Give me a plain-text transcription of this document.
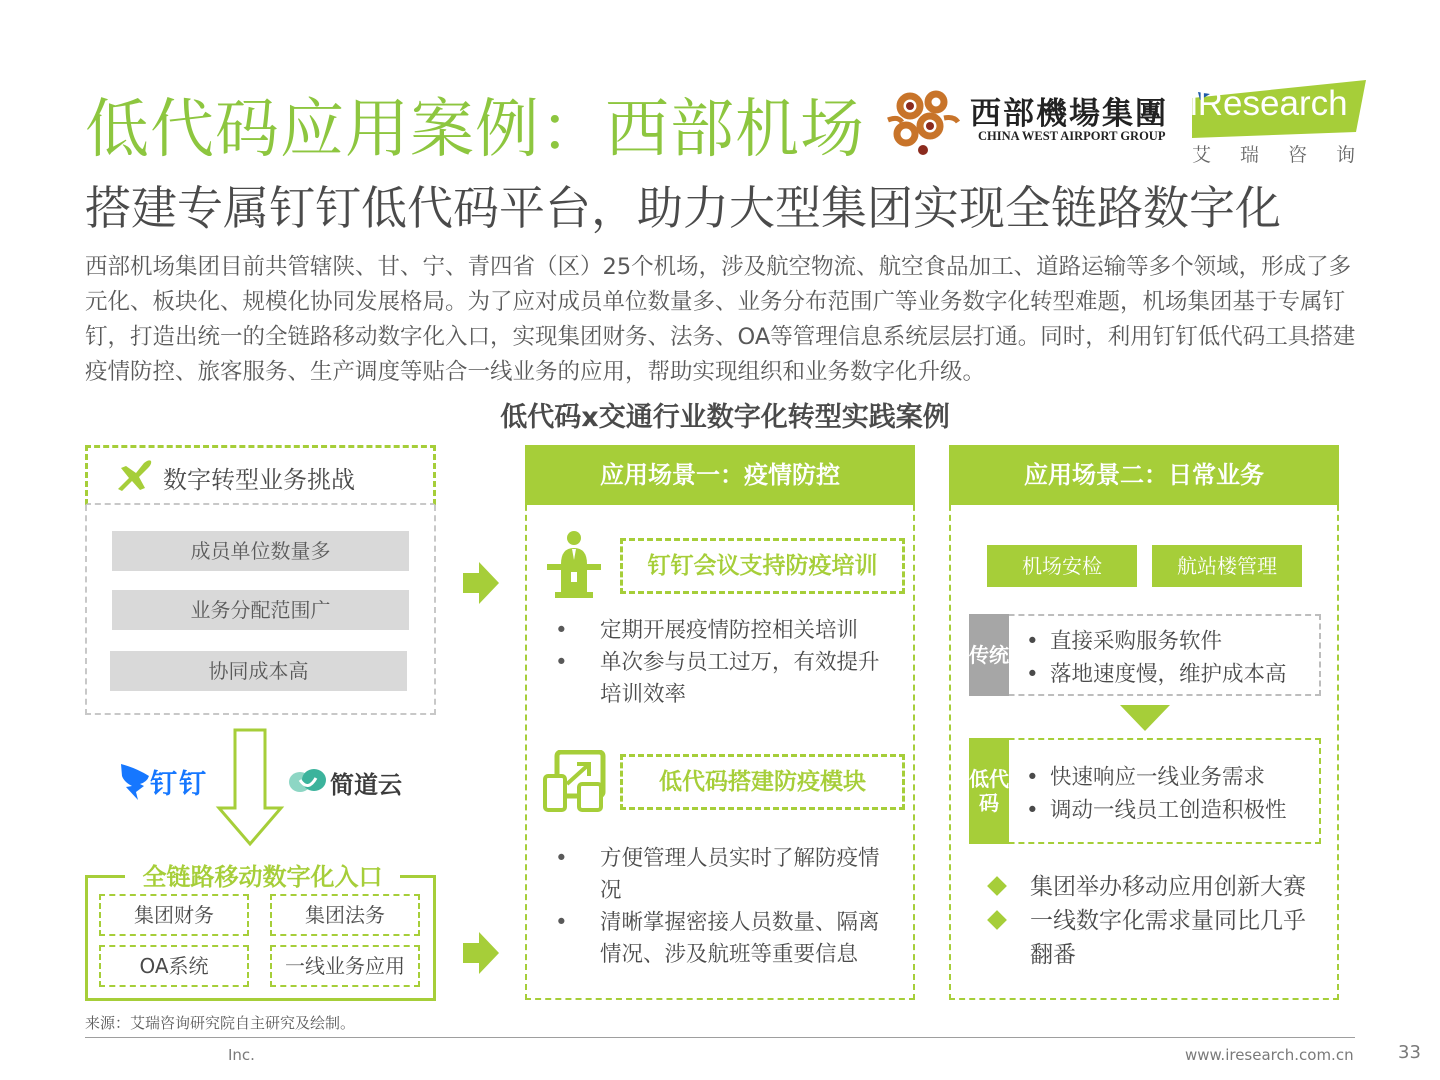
低代码应用案例：西部机场	西部機場集團
CHINA WEST AIRPORT GROUP
iResearch
艾瑞咨询
搭建专属钉钉低代码平台，助力大型集团实现全链路数字化
西部机场集团目前共管辖陕、甘、宁、青四省（区）25个机场，涉及航空物流、航空食品加工、道路运输等多个领域，形成了多元化、板块化、规模化协同发展格局。为了应对成员单位数量多、业务分布范围广等业务数字化转型难题，机场集团基于专属钉钉，打造出统一的全链路移动数字化入口，实现集团财务、法务、OA等管理信息系统层层打通。同时，利用钉钉低代码工具搭建疫情防控、旅客服务、生产调度等贴合一线业务的应用，帮助实现组织和业务数字化升级。
低代码x交通行业数字化转型实践案例
数字转型业务挑战
成员单位数量多
业务分配范围广
协同成本高
钉钉	简道云
全链路移动数字化入口
集团财务	集团法务
OA系统	一线业务应用
应用场景一：疫情防控
钉钉会议支持防疫培训
• 定期开展疫情防控相关培训
• 单次参与员工过万，有效提升培训效率
低代码搭建防疫模块
• 方便管理人员实时了解防疫情况
• 清晰掌握密接人员数量、隔离情况、涉及航班等重要信息
应用场景二：日常业务
机场安检	航站楼管理
传统
• 直接采购服务软件
• 落地速度慢，维护成本高
低代码
• 快速响应一线业务需求
• 调动一线员工创造积极性
集团举办移动应用创新大赛
一线数字化需求量同比几乎翻番
来源：艾瑞咨询研究院自主研究及绘制。
Inc.	www.iresearch.com.cn 33
